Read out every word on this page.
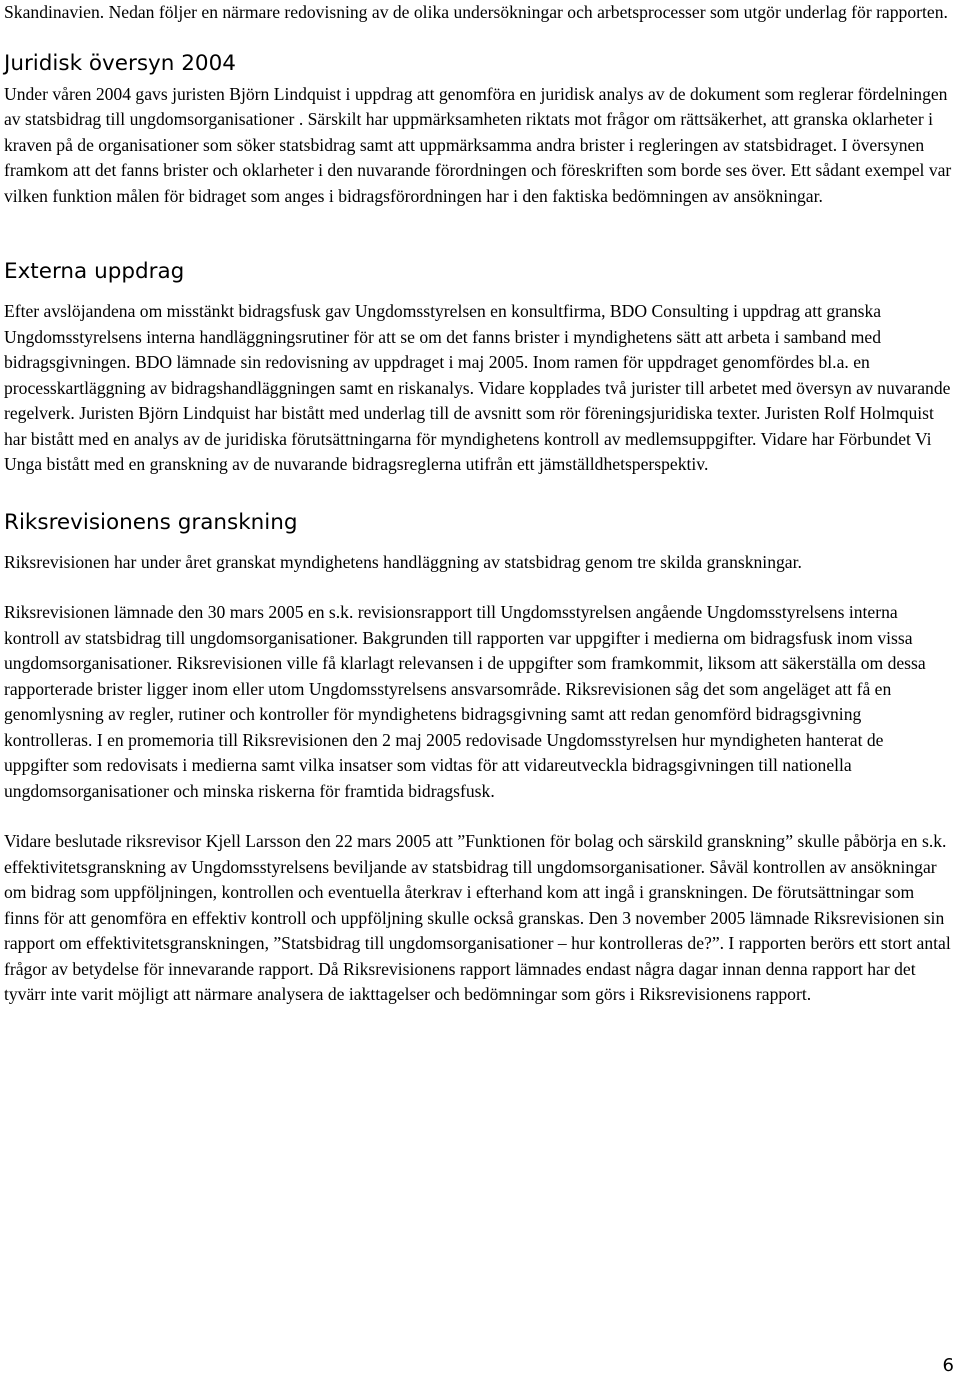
Skandinavien. Nedan följer en närmare redovisning av de olika undersökningar och arbetsprocesser som utgör underlag för rapporten.

Juridisk översyn 2004

Under våren 2004 gavs juristen Björn Lindquist i uppdrag att genomföra en juridisk analys av de dokument som reglerar fördelningen av statsbidrag till ungdomsorganisationer . Särskilt har uppmärksamheten riktats mot frågor om rättsäkerhet, att granska oklarheter i kraven på de organisationer som söker statsbidrag samt att uppmärksamma andra brister i regleringen av statsbidraget. I översynen framkom att det fanns brister och oklarheter i den nuvarande förordningen och föreskriften som borde ses över. Ett sådant exempel var vilken funktion målen för bidraget som anges i bidragsförordningen har i den faktiska bedömningen av ansökningar.

Externa uppdrag

Efter avslöjandena om misstänkt bidragsfusk gav Ungdomsstyrelsen en konsultfirma, BDO Consulting i uppdrag att granska Ungdomsstyrelsens interna handläggningsrutiner för att se om det fanns brister i myndighetens sätt att arbeta i samband med bidragsgivningen. BDO lämnade sin redovisning av uppdraget i maj 2005. Inom ramen för uppdraget genomfördes bl.a. en processkartläggning av bidragshandläggningen samt en riskanalys. Vidare kopplades två jurister till arbetet med översyn av nuvarande regelverk. Juristen Björn Lindquist har bistått med underlag till de avsnitt som rör föreningsjuridiska texter. Juristen Rolf Holmquist har bistått med en analys av de juridiska förutsättningarna för myndighetens kontroll av medlemsuppgifter. Vidare har Förbundet Vi Unga bistått med en granskning av de nuvarande bidragsreglerna utifrån ett jämställdhetsperspektiv.

Riksrevisionens granskning

Riksrevisionen har under året granskat myndighetens handläggning av statsbidrag genom tre skilda granskningar.

Riksrevisionen lämnade den 30 mars 2005 en s.k. revisionsrapport till Ungdomsstyrelsen angående Ungdomsstyrelsens interna kontroll av statsbidrag till ungdomsorganisationer. Bakgrunden till rapporten var uppgifter i medierna om bidragsfusk inom vissa ungdomsorganisationer. Riksrevisionen ville få klarlagt relevansen i de uppgifter som framkommit, liksom att säkerställa om dessa rapporterade brister ligger inom eller utom Ungdomsstyrelsens ansvarsområde. Riksrevisionen såg det som angeläget att få en genomlysning av regler, rutiner och kontroller för myndighetens bidragsgivning samt att redan genomförd bidragsgivning kontrolleras. I en promemoria till Riksrevisionen den 2 maj 2005 redovisade Ungdomsstyrelsen hur myndigheten hanterat de uppgifter som redovisats i medierna samt vilka insatser som vidtas för att vidareutveckla bidragsgivningen till nationella ungdomsorganisationer och minska riskerna för framtida bidragsfusk.

Vidare beslutade riksrevisor Kjell Larsson den 22 mars 2005 att ”Funktionen för bolag och särskild granskning” skulle påbörja en s.k. effektivitetsgranskning av Ungdomsstyrelsens beviljande av statsbidrag till ungdomsorganisationer. Såväl kontrollen av ansökningar om bidrag som uppföljningen, kontrollen och eventuella återkrav i efterhand kom att ingå i granskningen. De förutsättningar som finns för att genomföra en effektiv kontroll och uppföljning skulle också granskas. Den 3 november 2005 lämnade Riksrevisionen sin rapport om effektivitetsgranskningen, ”Statsbidrag till ungdomsorganisationer – hur kontrolleras de?”. I rapporten berörs ett stort antal frågor av betydelse för innevarande rapport. Då Riksrevisionens rapport lämnades endast några dagar innan denna rapport har det tyvärr inte varit möjligt att närmare analysera de iakttagelser och bedömningar som görs i Riksrevisionens rapport.

6
